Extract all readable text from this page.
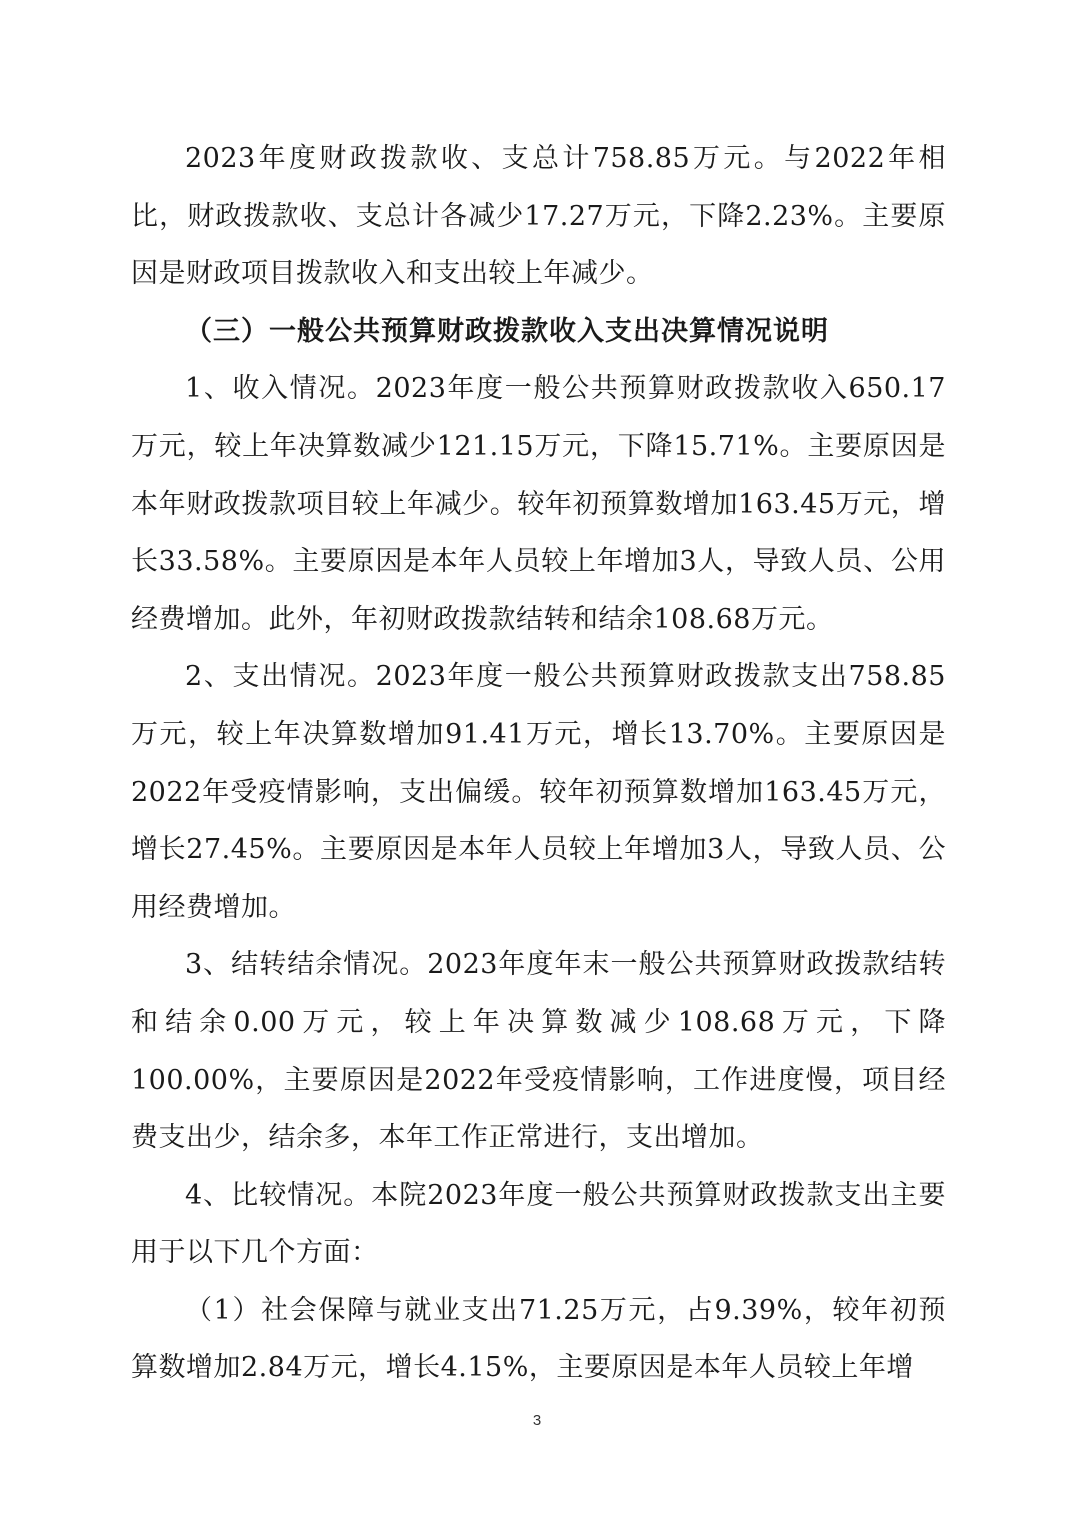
2023年度财政拨款收、支总计758.85万元。与2022年相比，财政拨款收、支总计各减少17.27万元，下降2.23%。主要原因是财政项目拨款收入和支出较上年减少。

（三）一般公共预算财政拨款收入支出决算情况说明

1、收入情况。2023年度一般公共预算财政拨款收入650.17万元，较上年决算数减少121.15万元，下降15.71%。主要原因是本年财政拨款项目较上年减少。较年初预算数增加163.45万元，增长33.58%。主要原因是本年人员较上年增加3人，导致人员、公用经费增加。此外，年初财政拨款结转和结余108.68万元。

2、支出情况。2023年度一般公共预算财政拨款支出758.85万元，较上年决算数增加91.41万元，增长13.70%。主要原因是2022年受疫情影响，支出偏缓。较年初预算数增加163.45万元，增长27.45%。主要原因是本年人员较上年增加3人，导致人员、公用经费增加。

3、结转结余情况。2023年度年末一般公共预算财政拨款结转和结余0.00万元，较上年决算数减少108.68万元，下降100.00%，主要原因是2022年受疫情影响，工作进度慢，项目经费支出少，结余多，本年工作正常进行，支出增加。

4、比较情况。本院2023年度一般公共预算财政拨款支出主要用于以下几个方面：

（1）社会保障与就业支出71.25万元，占9.39%，较年初预算数增加2.84万元，增长4.15%，主要原因是本年人员较上年增

3
